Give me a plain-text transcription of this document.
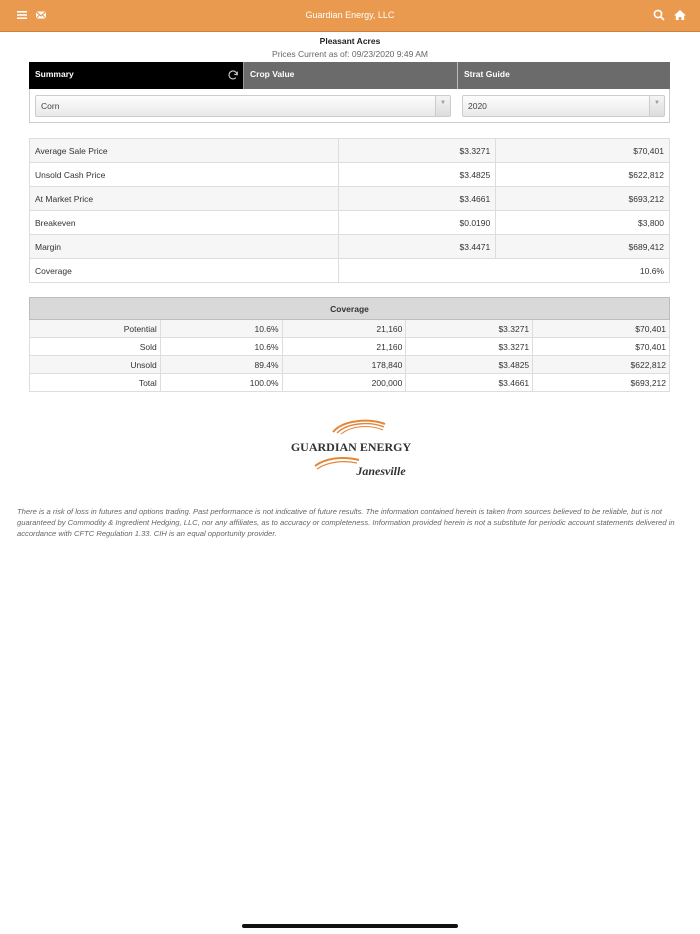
Guardian Energy, LLC
Pleasant Acres
Prices Current as of: 09/23/2020 9:49 AM
Summary	Crop Value	Strat Guide
Corn	▼	2020	▼
Average Sale Price	$3.3271	$70,401
Unsold Cash Price	$3.4825	$622,812
At Market Price	$3.4661	$693,212
Breakeven	$0.0190	$3,800
Margin	$3.4471	$689,412
Coverage	10.6%	
Coverage				
Potential	10.6%	21,160	$3.3271	$70,401
Sold	10.6%	21,160	$3.3271	$70,401
Unsold	89.4%	178,840	$3.4825	$622,812
Total	100.0%	200,000	$3.4661	$693,212
GUARDIAN ENERGY
Janesville
There is a risk of loss in futures and options trading. Past performance is not indicative of future results. The information contained herein is taken from sources believed to be reliable, but is not guaranteed by Commodity & Ingredient Hedging, LLC, nor any affiliates, as to accuracy or completeness. Information provided herein is not a substitute for periodic account statements delivered in accordance with CFTC Regulation 1.33. CIH is an equal opportunity provider.
